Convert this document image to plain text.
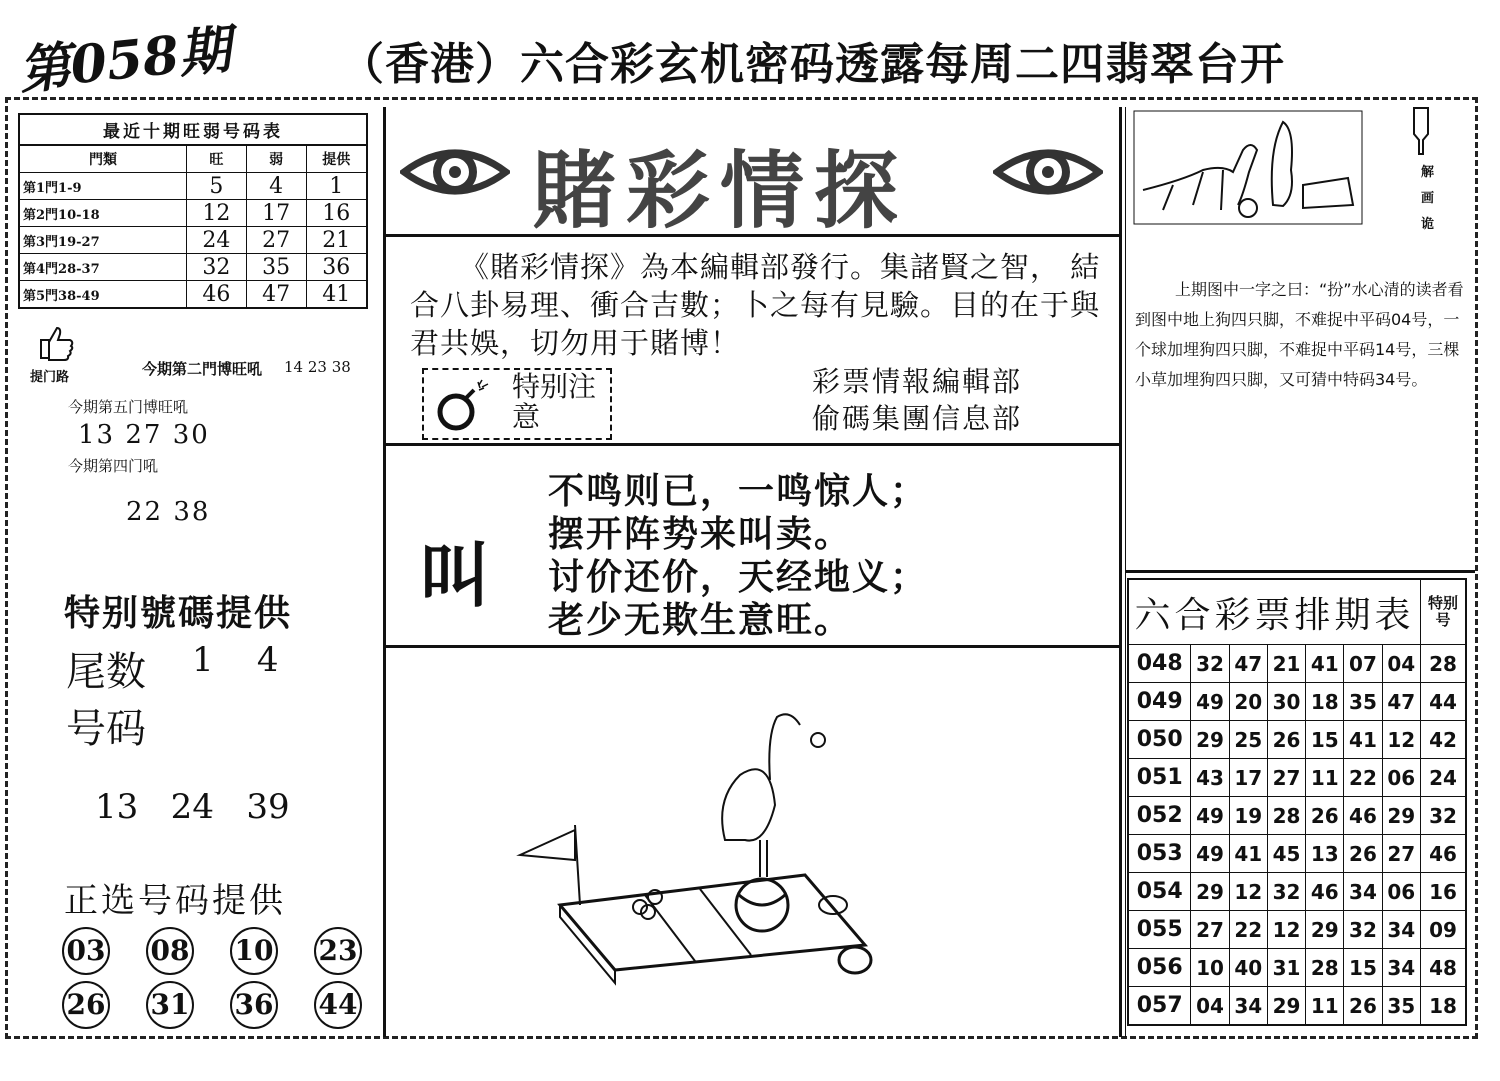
第058期 （香港）六合彩玄机密码透露每周二四翡翠台开
最近十期旺弱号码表
門類	旺	弱	提供
第1門1-9	5	4	1
第2門10-18	12	17	16
第3門19-27	24	27	21
第4門28-37	32	35	36
第5門38-49	46	47	41
提门路	今期第二門博旺吼 14 23 38
今期第五门博旺吼
13 27 30
今期第四门吼
22 38
特别號碼提供
尾数 1    4
号码
13   24   39
正选号码提供
03 08 10 23
26 31 36 44
賭彩情探
《賭彩情探》為本編輯部發行。集諸賢之智， 結合八卦易理、衝合吉數；卜之每有見驗。目的在于與君共娛，切勿用于賭博！
特别注意
彩票情報編輯部
偷碼集團信息部
叫
不鸣则已，一鸣惊人；
摆开阵势来叫卖。
讨价还价，天经地义；
老少无欺生意旺。
解画诡
上期图中一字之曰：“扮”水心清的读者看到图中地上狗四只脚，不难捉中平码04号，一个球加埋狗四只脚，不难捉中平码14号，三棵小草加埋狗四只脚，又可猜中特码34号。
六合彩票排期表							特别号
048	32	47	21	41	07	04	28
049	49	20	30	18	35	47	44
050	29	25	26	15	41	12	42
051	43	17	27	11	22	06	24
052	49	19	28	26	46	29	32
053	49	41	45	13	26	27	46
054	29	12	32	46	34	06	16
055	27	22	12	29	32	34	09
056	10	40	31	28	15	34	48
057	04	34	29	11	26	35	18
